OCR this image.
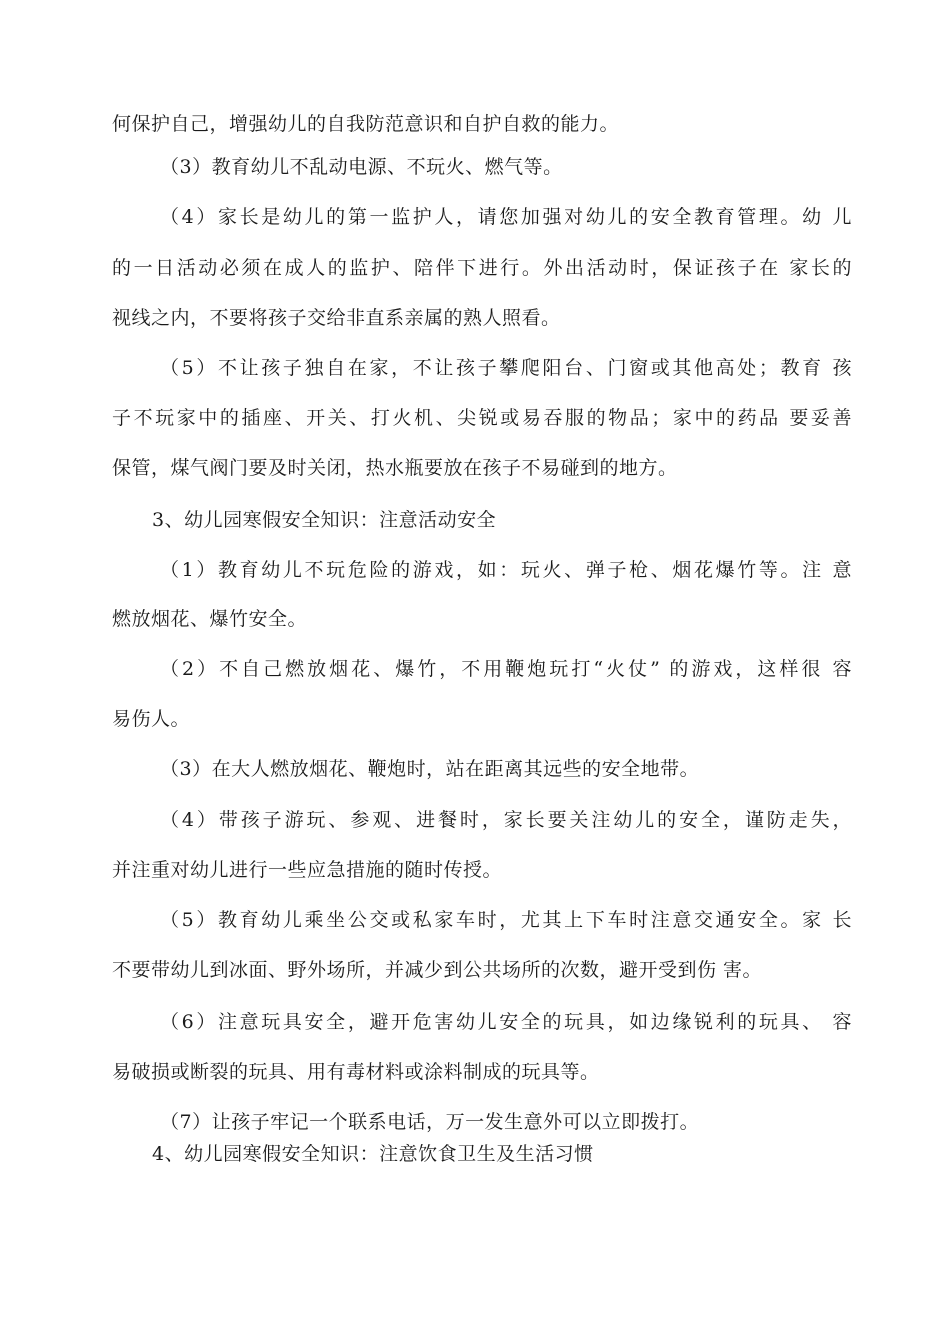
何保护自己，增强幼儿的自我防范意识和自护自救的能力。
（3）教育幼儿不乱动电源、不玩火、燃气等。
（4）家长是幼儿的第一监护人，请您加强对幼儿的安全教育管理。幼 儿
的一日活动必须在成人的监护、陪伴下进行。外出活动时，保证孩子在 家长的
视线之内，不要将孩子交给非直系亲属的熟人照看。
（5）不让孩子独自在家，不让孩子攀爬阳台、门窗或其他高处；教育 孩
子不玩家中的插座、开关、打火机、尖锐或易吞服的物品；家中的药品 要妥善
保管，煤气阀门要及时关闭，热水瓶要放在孩子不易碰到的地方。
3、幼儿园寒假安全知识：注意活动安全
（1）教育幼儿不玩危险的游戏，如：玩火、弹子枪、烟花爆竹等。注 意
燃放烟花、爆竹安全。
（2）不自己燃放烟花、爆竹，不用鞭炮玩打“火仗” 的游戏，这样很 容
易伤人。
（3）在大人燃放烟花、鞭炮时，站在距离其远些的安全地带。
（4）带孩子游玩、参观、进餐时，家长要关注幼儿的安全，谨防走失，
并注重对幼儿进行一些应急措施的随时传授。
（5）教育幼儿乘坐公交或私家车时，尤其上下车时注意交通安全。家 长
不要带幼儿到冰面、野外场所，并减少到公共场所的次数，避开受到伤 害。
（6）注意玩具安全，避开危害幼儿安全的玩具，如边缘锐利的玩具、 容
易破损或断裂的玩具、用有毒材料或涂料制成的玩具等。
（7）让孩子牢记一个联系电话，万一发生意外可以立即拨打。
4、幼儿园寒假安全知识：注意饮食卫生及生活习惯
